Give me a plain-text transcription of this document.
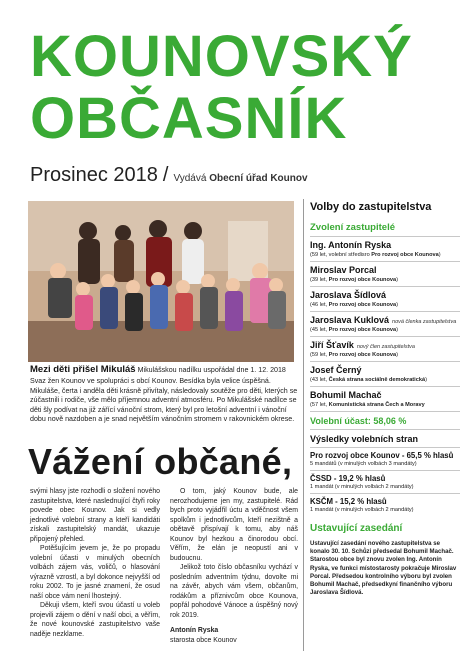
KOUNOVSKÝ
OBČASNÍK
Prosinec 2018 / Vydává Obecní úřad Kounov
Mezi děti přišel Mikuláš Mikulášskou nadílku uspořádal dne 1. 12. 2018 Svaz žen Kounov ve spolupráci s obcí Kounov. Besídka byla velice úspěšná. Mikuláše, čerta i anděla děti krásně přivítaly, následovaly soutěže pro děti, kterých se zúčastnili i rodiče, vše mělo příjemnou adventní atmosféru. Po Mikulášské nadílce se děti šly podívat na již zářící vánoční strom, který byl pro letošní adventní i vánoční dobu nově nazdoben a je snad největším vánočním stromem v rakovnickém okrese.
Volby do zastupitelstva
Zvolení zastupitelé
Ing. Antonín Ryska
(59 let, volební středisro Pro rozvoj obce Kounova)
Miroslav Porcal
(39 let, Pro rozvoj obce Kounova)
Jaroslava Šídlová
(46 let, Pro rozvoj obce Kounova)
Jaroslava Kuklová nová členka zastupitelstva
(45 let, Pro rozvoj obce Kounova)
Jiří Šťavík nový člen zastupitelstva
(59 let, Pro rozvoj obce Kounova)
Josef Černý
(43 let, Česká strana sociálně demokratická)
Bohumil Machač
(57 let, Komunistická strana Čech a Moravy
Volební účast: 58,06 %
Výsledky volebních stran
Pro rozvoj obce Kounov - 65,5 % hlasů
5 mandátů (v minulých volbách 3 mandáty)
ČSSD - 19,2 % hlasů
1 mandát (v minulých volbách 2 mandáty)
KSČM - 15,2 % hlasů
1 mandát (v minulých volbách 2 mandáty)
Ustavující zasedání
Ustavující zasedání nového zastupitelstva se konalo 30. 10. Schůzi předsedal Bohumil Machač. Starostou obce byl znovu zvolen Ing. Antonín Ryska, ve funkci místostarosty pokračuje Miroslav Porcal. Předsedou kontrolního výboru byl zvolen Bohumil Machač, předsedkyní finančního výboru Jaroslava Šídlová.
Vážení občané,

svými hlasy jste rozhodli o složení nového zastupitelstva, které naslednující čtyři roky povede obec Kounov. Jak si vedly jednotlivé volební strany a kteří kandidáti získali zastupitelský mandát, ukazuje připojený přehled.

Potěšujícím jevem je, že po propadu volební účasti v minulých obecních volbách zájem vás, voličů, o hlasování výrazně vzrostl, a byl dokonce nejvyšší od roku 2002. To je jasné znamení, že osud naší obce vám není lhostejný.

Děkuji všem, kteří svou účastí u voleb projevili zájem o dění v naší obci, a věřím, že nové kounovské zastupitelstvo vaše naděje nezklame.

O tom, jaký Kounov bude, ale nerozhodujeme jen my, zastupitelé. Rád bych proto vyjádřil úctu a vděčnost všem spolkům i jednotlivcům, kteří nezištně a obětavě přispívají k tomu, aby náš Kounov byl hezkou a činorodou obcí. Věřím, že elán je neopustí ani v budoucnu.

Jelikož toto číslo občasníku vychází v posledním adventním týdnu, dovolte mi na závěr, abych vám všem, občanům, rodákům a příznivcům obce Kounova, popřál pohodové Vánoce a úspěšný nový rok 2019.

Antonín Ryska

starosta obce Kounov
